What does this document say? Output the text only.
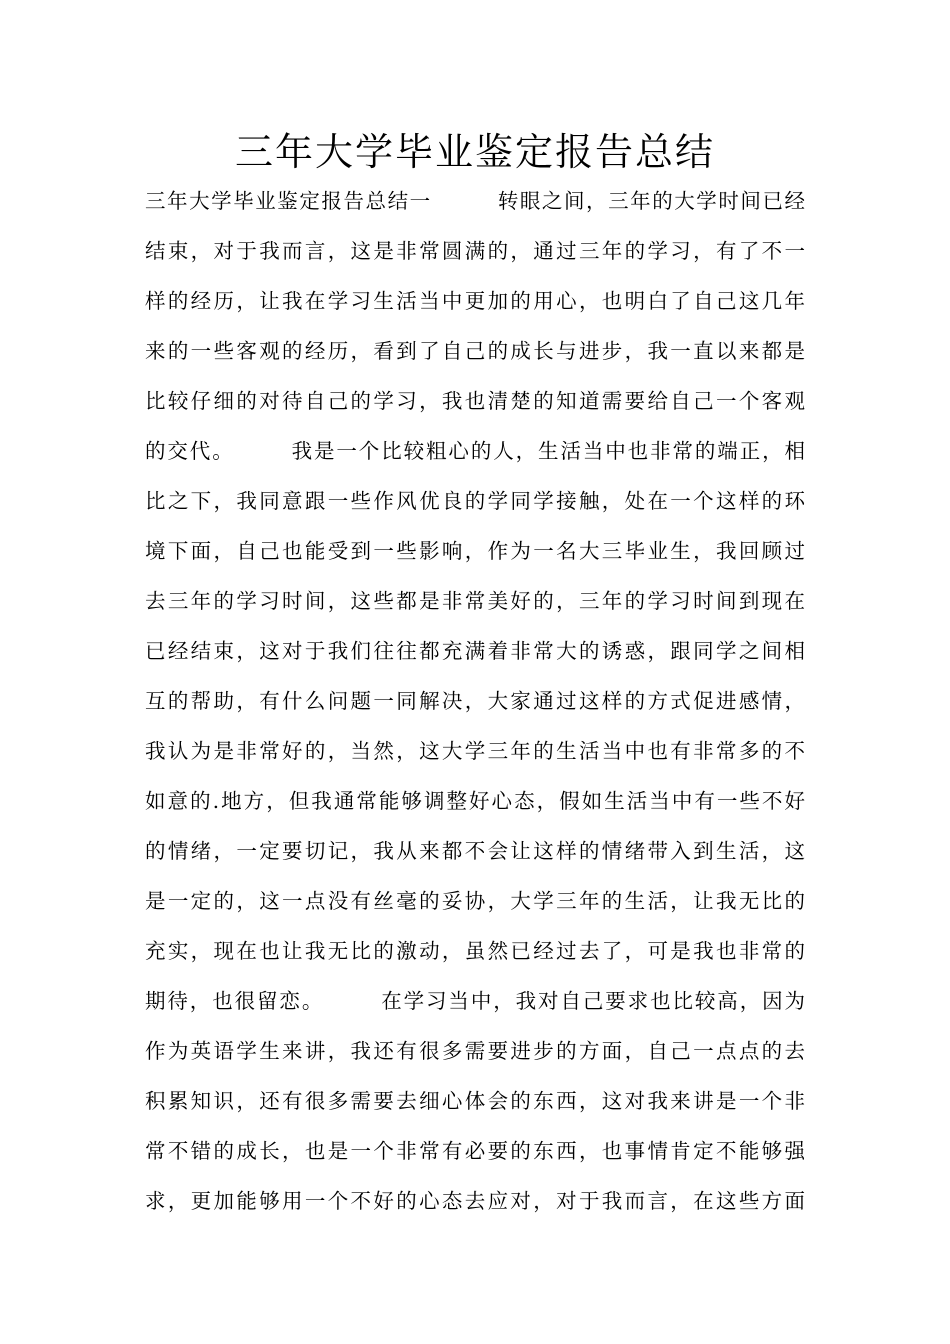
三年大学毕业鉴定报告总结
三年大学毕业鉴定报告总结一　　　转眼之间，三年的大学时间已经
结束，对于我而言，这是非常圆满的，通过三年的学习，有了不一
样的经历，让我在学习生活当中更加的用心，也明白了自己这几年
来的一些客观的经历，看到了自己的成长与进步，我一直以来都是
比较仔细的对待自己的学习，我也清楚的知道需要给自己一个客观
的交代。　　　我是一个比较粗心的人，生活当中也非常的端正，相
比之下，我同意跟一些作风优良的学同学接触，处在一个这样的环
境下面，自己也能受到一些影响，作为一名大三毕业生，我回顾过
去三年的学习时间，这些都是非常美好的，三年的学习时间到现在
已经结束，这对于我们往往都充满着非常大的诱惑，跟同学之间相
互的帮助，有什么问题一同解决，大家通过这样的方式促进感情，
我认为是非常好的，当然，这大学三年的生活当中也有非常多的不
如意的.地方，但我通常能够调整好心态，假如生活当中有一些不好
的情绪，一定要切记，我从来都不会让这样的情绪带入到生活，这
是一定的，这一点没有丝毫的妥协，大学三年的生活，让我无比的
充实，现在也让我无比的激动，虽然已经过去了，可是我也非常的
期待，也很留恋。　　　在学习当中，我对自己要求也比较高，因为
作为英语学生来讲，我还有很多需要进步的方面，自己一点点的去
积累知识，还有很多需要去细心体会的东西，这对我来讲是一个非
常不错的成长，也是一个非常有必要的东西，也事情肯定不能够强
求，更加能够用一个不好的心态去应对，对于我而言，在这些方面
